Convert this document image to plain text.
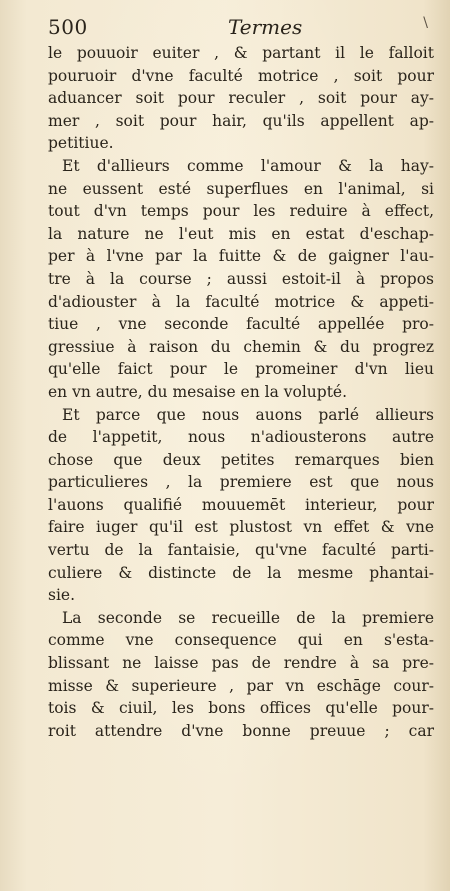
500	Termes	\
le pouuoir euiter , & partant il le falloit
pouruoir d'vne faculté motrice , soit pour
aduancer soit pour reculer , soit pour ay-
mer , soit pour hair, qu'ils appellent ap-
petitiue.
Et d'allieurs comme l'amour & la hay-
ne eussent esté superflues en l'animal, si
tout d'vn temps pour les reduire à effect,
la nature ne l'eut mis en estat d'eschap-
per à l'vne par la fuitte & de gaigner l'au-
tre à la course ; aussi estoit-il à propos
d'adiouster à la faculté motrice & appeti-
tiue , vne seconde faculté appellée pro-
gressiue à raison du chemin & du progrez
qu'elle faict pour le promeiner d'vn lieu
en vn autre, du mesaise en la volupté.
Et parce que nous auons parlé allieurs
de l'appetit, nous n'adiousterons autre
chose que deux petites remarques bien
particulieres , la premiere est que nous
l'auons qualifié mouuemēt interieur, pour
faire iuger qu'il est plustost vn effet & vne
vertu de la fantaisie, qu'vne faculté parti-
culiere & distincte de la mesme phantai-
sie.
La seconde se recueille de la premiere
comme vne consequence qui en s'esta-
blissant ne laisse pas de rendre à sa pre-
misse & superieure , par vn eschāge cour-
tois & ciuil, les bons offices qu'elle pour-
roit attendre d'vne bonne preuue ; car
